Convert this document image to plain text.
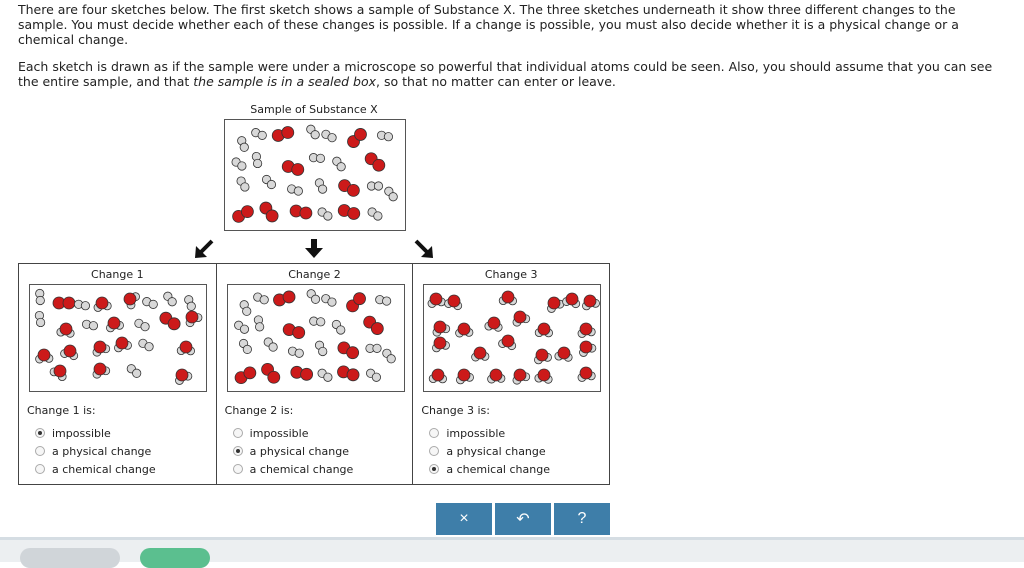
There are four sketches below. The first sketch shows a sample of Substance X. The three sketches underneath it show three different changes to the sample. You must decide whether each of these changes is possible. If a change is possible, you must also decide whether it is a physical change or a chemical change.

Each sketch is drawn as if the sample were under a microscope so powerful that individual atoms could be seen. Also, you should assume that you can see the entire sample, and that the sample is in a sealed box, so that no matter can enter or leave.

Sample of Substance X
Change 1
Change 1 is:
impossible
a physical change
a chemical change
Change 2
Change 2 is:
impossible
a physical change
a chemical change
Change 3
Change 3 is:
impossible
a physical change
a chemical change
×	↶	?
